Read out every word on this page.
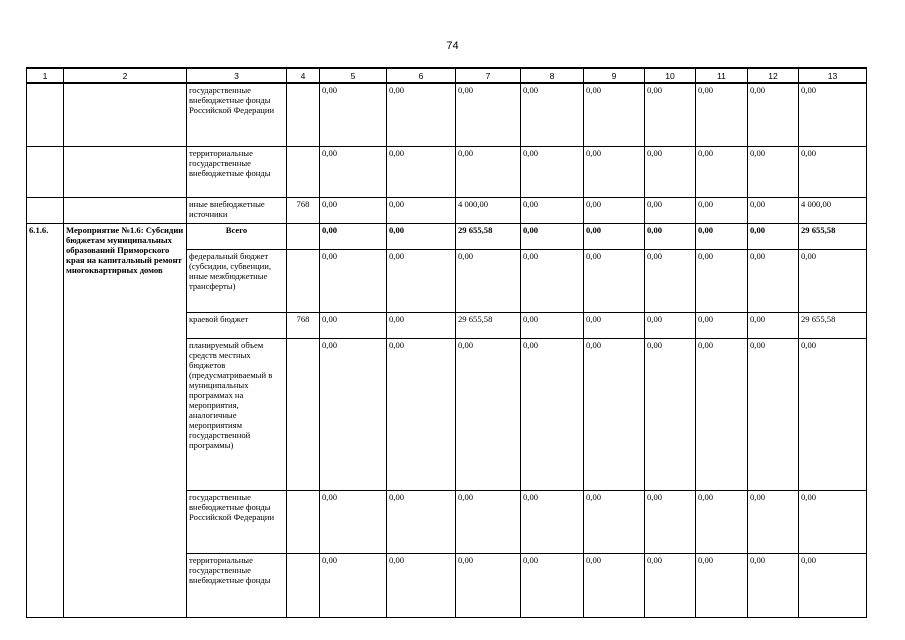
74
1	2	3	4	5	6	7	8	9	10	11	12	13
		государственные внебюджетные фонды Российской Федерации		0,00	0,00	0,00	0,00	0,00	0,00	0,00	0,00	0,00
		территориальные государственные внебюджетные фонды		0,00	0,00	0,00	0,00	0,00	0,00	0,00	0,00	0,00
		иные внебюджетные источники	768	0,00	0,00	4 000,00	0,00	0,00	0,00	0,00	0,00	4 000,00
6.1.6.	Мероприятие №1.6: Субсидии бюджетам муниципальных образований Приморского края на капитальный ремонт многоквартирных домов	Всего		0,00	0,00	29 655,58	0,00	0,00	0,00	0,00	0,00	29 655,58
		федеральный бюджет (субсидии, субвенции, иные межбюджетные трансферты)		0,00	0,00	0,00	0,00	0,00	0,00	0,00	0,00	0,00
		краевой бюджет	768	0,00	0,00	29 655,58	0,00	0,00	0,00	0,00	0,00	29 655,58
		планируемый объем средств местных бюджетов (предусматриваемый в муниципальных программах на мероприятия, аналогичные мероприятиям государственной программы)		0,00	0,00	0,00	0,00	0,00	0,00	0,00	0,00	0,00
		государственные внебюджетные фонды Российской Федерации		0,00	0,00	0,00	0,00	0,00	0,00	0,00	0,00	0,00
		территориальные государственные внебюджетные фонды		0,00	0,00	0,00	0,00	0,00	0,00	0,00	0,00	0,00
